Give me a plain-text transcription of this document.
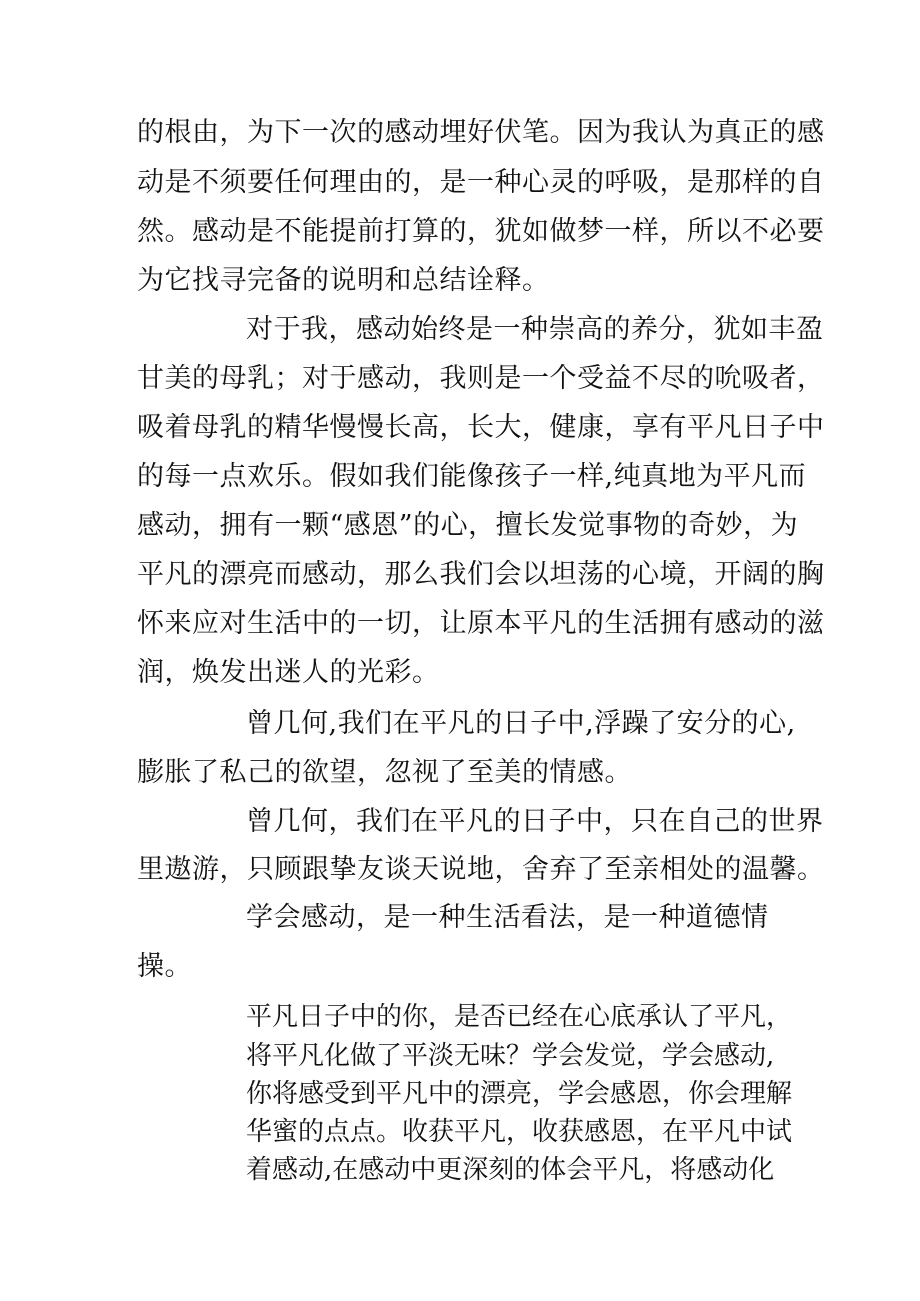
的根由，为下一次的感动埋好伏笔。因为我认为真正的感
动是不须要任何理由的，是一种心灵的呼吸，是那样的自
然。感动是不能提前打算的，犹如做梦一样，所以不必要
为它找寻完备的说明和总结诠释。
对于我，感动始终是一种崇高的养分，犹如丰盈
甘美的母乳；对于感动，我则是一个受益不尽的吮吸者，
吸着母乳的精华慢慢长高，长大，健康，享有平凡日子中
的每一点欢乐。假如我们能像孩子一样,纯真地为平凡而
感动，拥有一颗“感恩”的心，擅长发觉事物的奇妙，为
平凡的漂亮而感动，那么我们会以坦荡的心境，开阔的胸
怀来应对生活中的一切，让原本平凡的生活拥有感动的滋
润，焕发出迷人的光彩。
曾几何,我们在平凡的日子中,浮躁了安分的心,
膨胀了私己的欲望，忽视了至美的情感。
曾几何，我们在平凡的日子中，只在自己的世界
里遨游，只顾跟挚友谈天说地，舍弃了至亲相处的温馨。
学会感动，是一种生活看法，是一种道德情
操。
平凡日子中的你，是否已经在心底承认了平凡，
将平凡化做了平淡无味？学会发觉，学会感动,
你将感受到平凡中的漂亮，学会感恩，你会理解
华蜜的点点。收获平凡，收获感恩，在平凡中试
着感动,在感动中更深刻的体会平凡，将感动化
